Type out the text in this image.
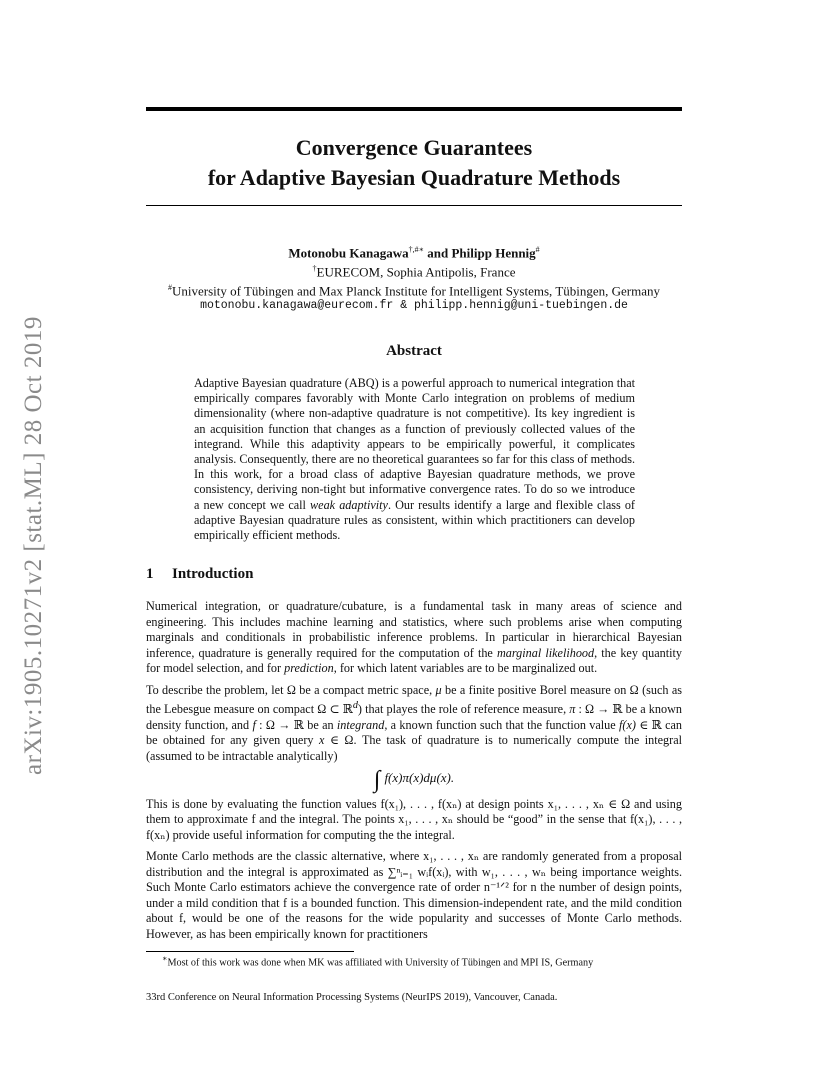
arXiv:1905.10271v2 [stat.ML] 28 Oct 2019
Convergence Guarantees
for Adaptive Bayesian Quadrature Methods
Motonobu Kanagawa†,#∗ and Philipp Hennig#
†EURECOM, Sophia Antipolis, France
#University of Tübingen and Max Planck Institute for Intelligent Systems, Tübingen, Germany
motonobu.kanagawa@eurecom.fr & philipp.hennig@uni-tuebingen.de
Abstract
Adaptive Bayesian quadrature (ABQ) is a powerful approach to numerical integration that empirically compares favorably with Monte Carlo integration on problems of medium dimensionality (where non-adaptive quadrature is not competitive). Its key ingredient is an acquisition function that changes as a function of previously collected values of the integrand. While this adaptivity appears to be empirically powerful, it complicates analysis. Consequently, there are no theoretical guarantees so far for this class of methods. In this work, for a broad class of adaptive Bayesian quadrature methods, we prove consistency, deriving non-tight but informative convergence rates. To do so we introduce a new concept we call weak adaptivity. Our results identify a large and flexible class of adaptive Bayesian quadrature rules as consistent, within which practitioners can develop empirically efficient methods.
1 Introduction

Numerical integration, or quadrature/cubature, is a fundamental task in many areas of science and engineering. This includes machine learning and statistics, where such problems arise when computing marginals and conditionals in probabilistic inference problems. In particular in hierarchical Bayesian inference, quadrature is generally required for the computation of the marginal likelihood, the key quantity for model selection, and for prediction, for which latent variables are to be marginalized out.

To describe the problem, let Ω be a compact metric space, μ be a finite positive Borel measure on Ω (such as the Lebesgue measure on compact Ω ⊂ ℝ$^d$) that playes the role of reference measure, π : Ω → ℝ be a known density function, and f : Ω → ℝ be an integrand, a known function such that the function value f(x) ∈ ℝ can be obtained for any given query x ∈ Ω. The task of quadrature is to numerically compute the integral (assumed to be intractable analytically)

∫ f(x)π(x)dμ(x).

This is done by evaluating the function values f(x₁), . . . , f(xₙ) at design points x₁, . . . , xₙ ∈ Ω and using them to approximate f and the integral. The points x₁, . . . , xₙ should be “good” in the sense that f(x₁), . . . , f(xₙ) provide useful information for computing the the integral.

Monte Carlo methods are the classic alternative, where x₁, . . . , xₙ are randomly generated from a proposal distribution and the integral is approximated as ∑ⁿᵢ₌₁ wᵢf(xᵢ), with w₁, . . . , wₙ being importance weights. Such Monte Carlo estimators achieve the convergence rate of order n⁻¹ᐟ² for n the number of design points, under a mild condition that f is a bounded function. This dimension-independent rate, and the mild condition about f, would be one of the reasons for the wide popularity and successes of Monte Carlo methods. However, as has been empirically known for practitioners

∗Most of this work was done when MK was affiliated with University of Tübingen and MPI IS, Germany
33rd Conference on Neural Information Processing Systems (NeurIPS 2019), Vancouver, Canada.
